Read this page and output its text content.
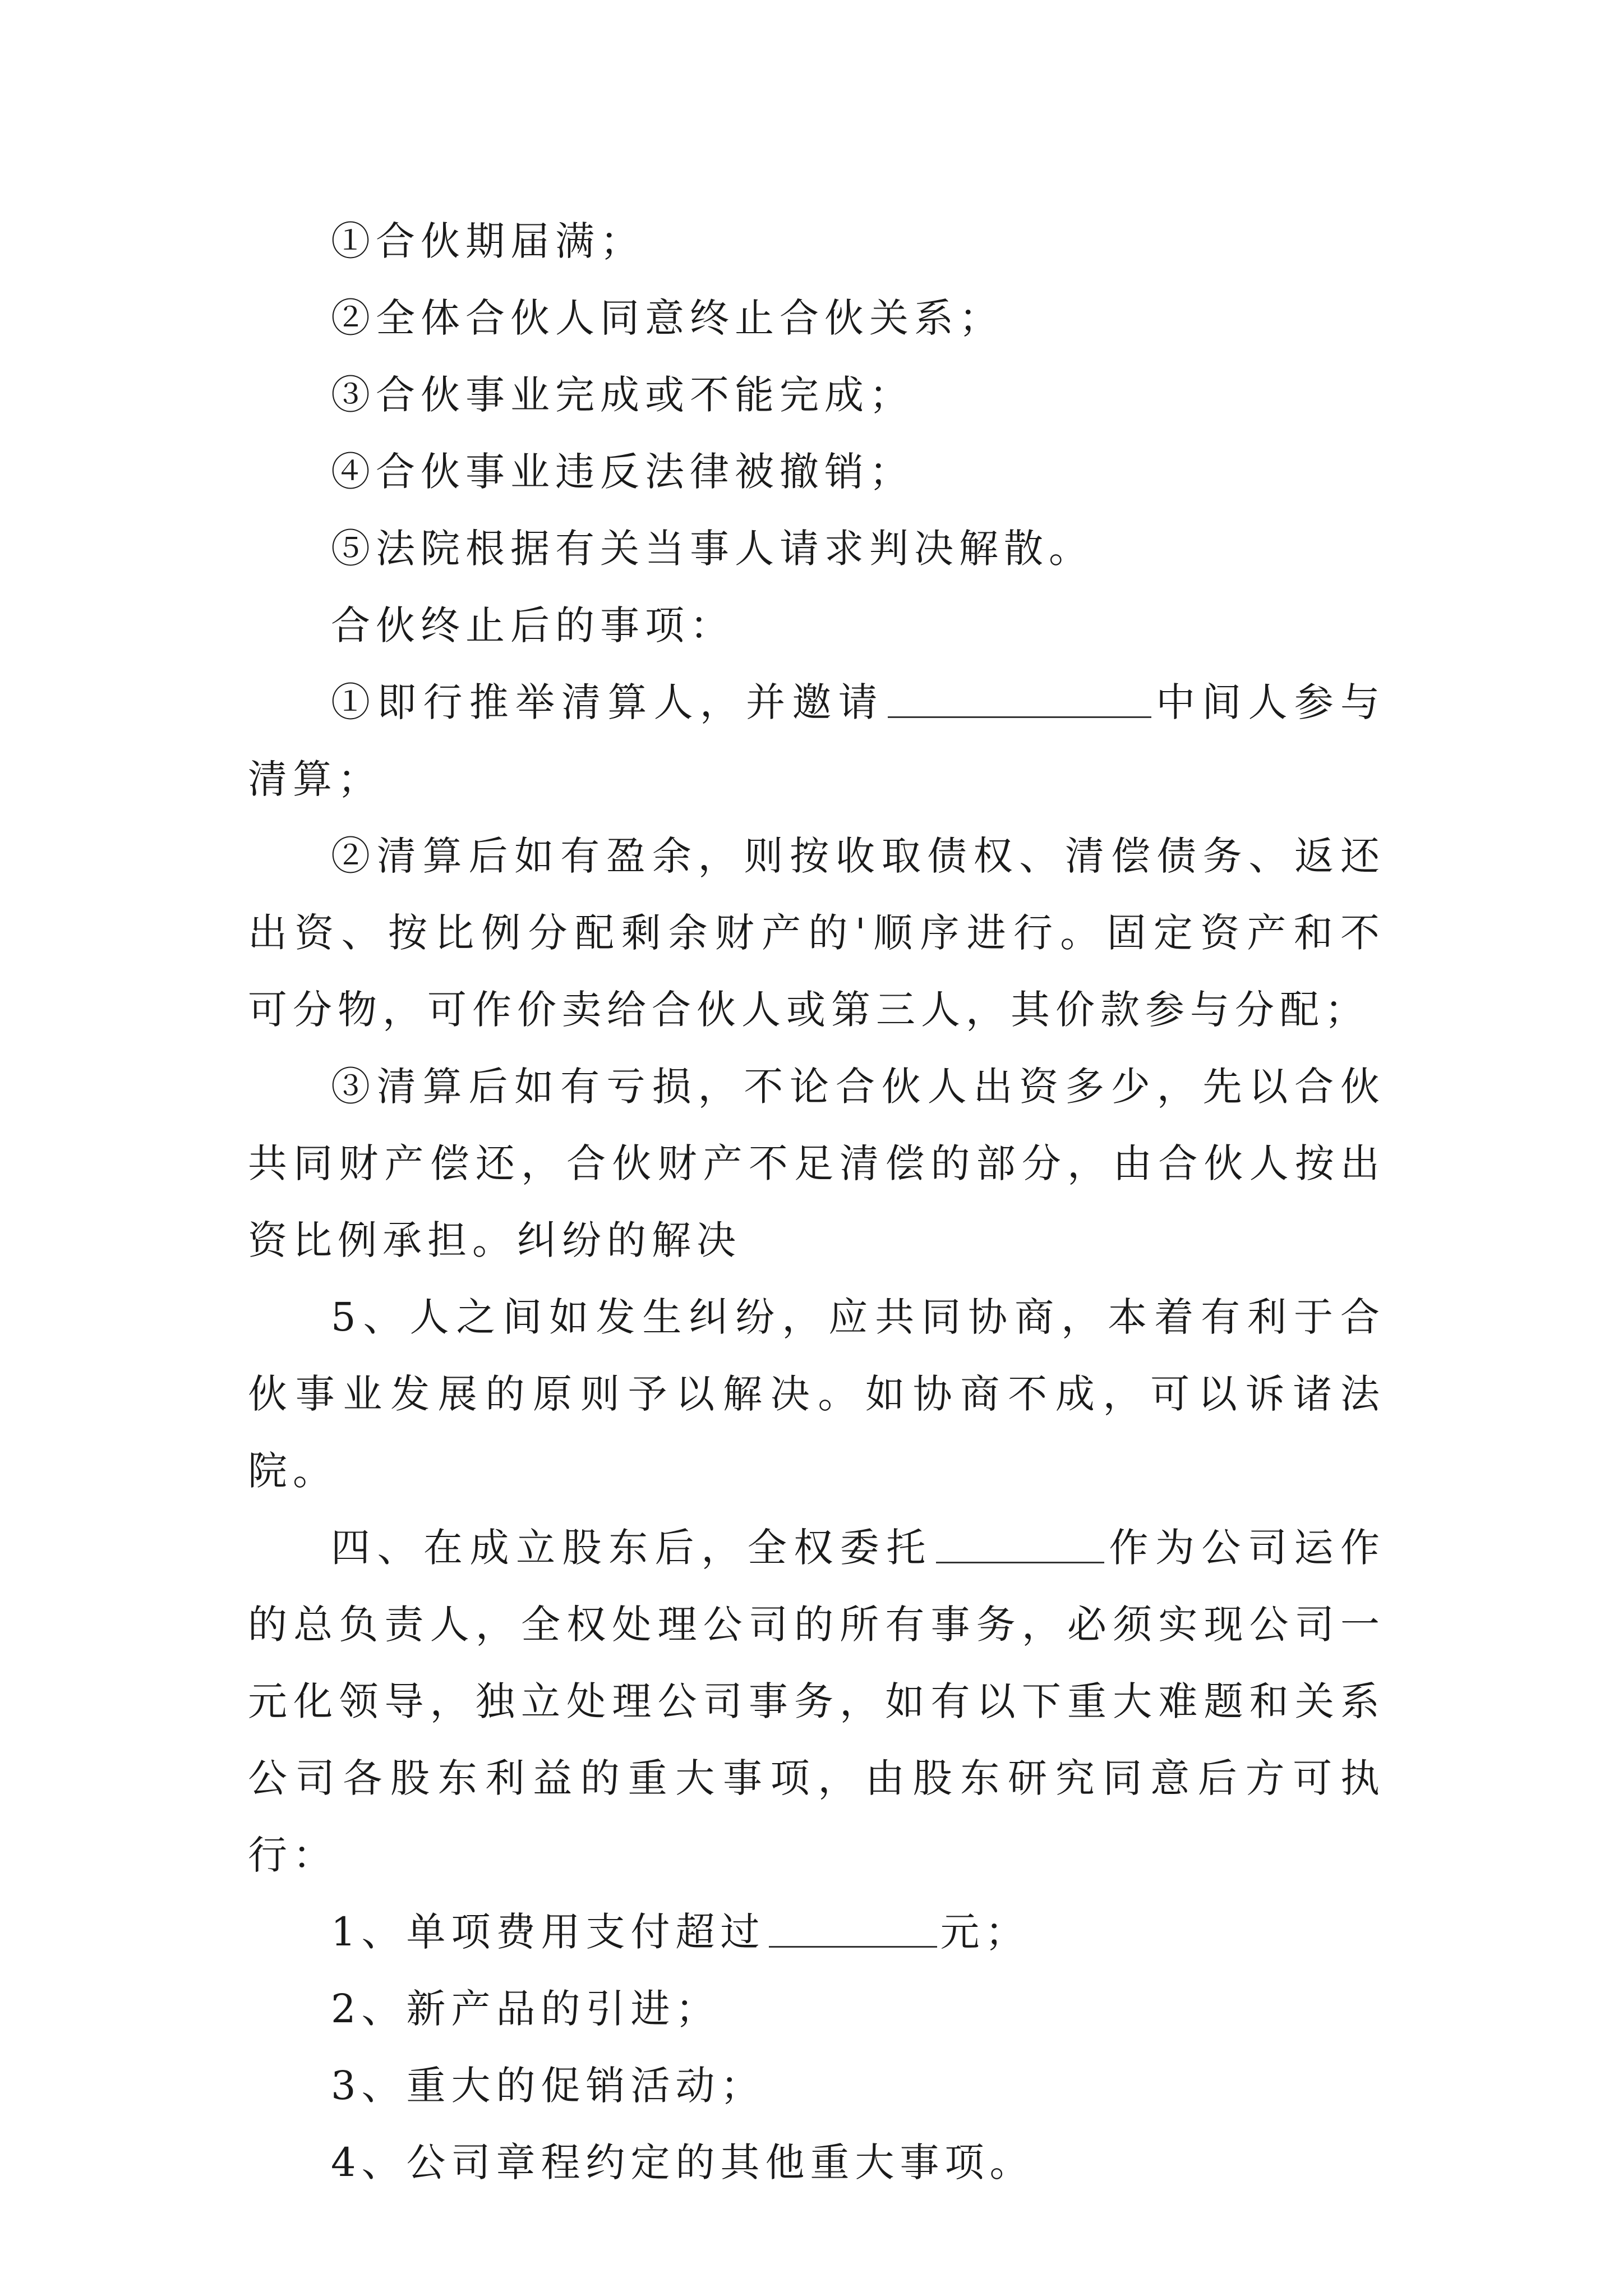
①合伙期届满；

②全体合伙人同意终止合伙关系；

③合伙事业完成或不能完成；

④合伙事业违反法律被撤销；

⑤法院根据有关当事人请求判决解散。

合伙终止后的事项：

①即行推举清算人，并邀请	中间人参与清算；

②清算后如有盈余，则按收取债权、清偿债务、返还出资、按比例分配剩余财产的'顺序进行。固定资产和不可分物，可作价卖给合伙人或第三人，其价款参与分配；

③清算后如有亏损，不论合伙人出资多少，先以合伙共同财产偿还，合伙财产不足清偿的部分，由合伙人按出资比例承担。纠纷的解决

5、人之间如发生纠纷，应共同协商，本着有利于合伙事业发展的原则予以解决。如协商不成，可以诉诸法院。

四、在成立股东后，全权委托	作为公司运作的总负责人，全权处理公司的所有事务，必须实现公司一元化领导，独立处理公司事务，如有以下重大难题和关系公司各股东利益的重大事项，由股东研究同意后方可执行：

1、单项费用支付超过	元；

2、新产品的引进；

3、重大的促销活动；

4、公司章程约定的其他重大事项。
